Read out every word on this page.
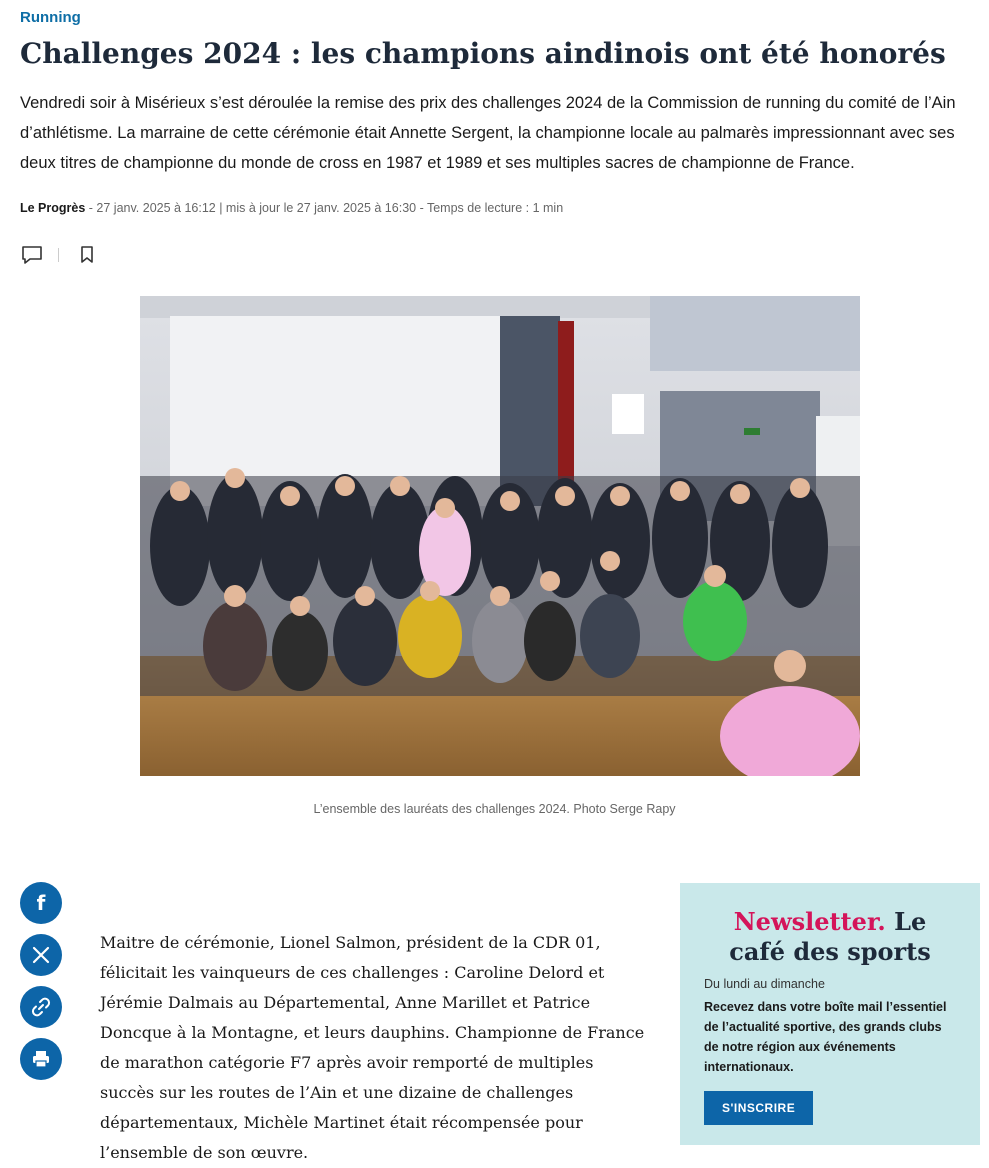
Running
Challenges 2024 : les champions aindinois ont été honorés

Vendredi soir à Misérieux s’est déroulée la remise des prix des challenges 2024 de la Commission de running du comité de l’Ain d’athlétisme. La marraine de cette cérémonie était Annette Sergent, la championne locale au palmarès impressionnant avec ses deux titres de championne du monde de cross en 1987 et 1989 et ses multiples sacres de championne de France.

Le Progrès - 27 janv. 2025 à 16:12 | mis à jour le 27 janv. 2025 à 16:30 - Temps de lecture : 1 min
L’ensemble des lauréats des challenges 2024. Photo Serge Rapy
f

Maitre de cérémonie, Lionel Salmon, président de la CDR 01, félicitait les vainqueurs de ces challenges : Caroline Delord et Jérémie Dalmais au Départemental, Anne Marillet et Patrice Doncque à la Montagne, et leurs dauphins. Championne de France de marathon catégorie F7 après avoir remporté de multiples succès sur les routes de l’Ain et une dizaine de challenges départementaux, Michèle Martinet était récompensée pour l’ensemble de son œuvre.

Newsletter. Le café des sports

Du lundi au dimanche
Recevez dans votre boîte mail l’essentiel de l’actualité sportive, des grands clubs de notre région aux événements internationaux.
S'INSCRIRE
